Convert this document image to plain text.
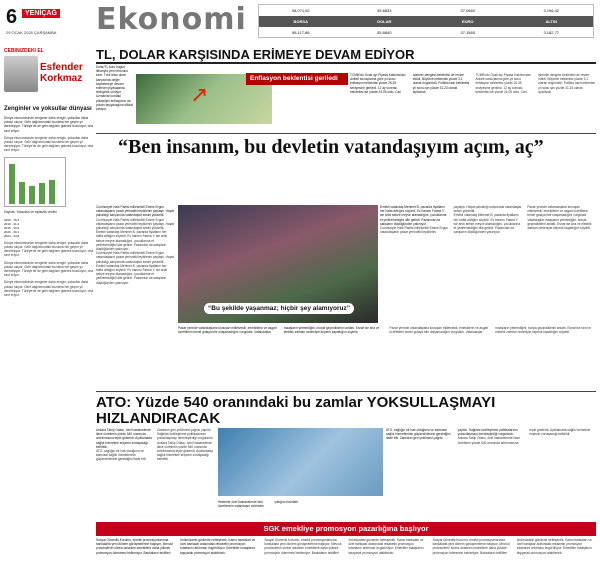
6	YENİÇAĞ
29 OCAK 2025 ÇARŞAMBA Ekonomi	98.071,52	35,6833	37,0660	3.196,42
BORSA	DOLAR	EURO	ALTIN
98.117,86	35,6840	37,1565	3.182,77
CEBİNİZDEKİ EL
Esfender Korkmaz
Zenginler ve yoksullar dünyası
Dünya ekonomisinde zenginler daha zengin, yoksullar daha yoksul oluyor. Gelir dağılımındaki bozulma her geçen yıl derinleşiyor. Türkiye'de de gelir dağılımı giderek bozuluyor, orta sınıf eriyor.
Dünya ekonomisinde zenginler daha zengin, yoksullar daha yoksul oluyor. Gelir dağılımındaki bozulma her geçen yıl derinleşiyor. Türkiye'de de gelir dağılımı giderek bozuluyor, orta sınıf eriyor.
Kaynak: Yoksulluk ve eşitsizlik verileri
2000 - 79,3
2010 - 41,2
2015 - 33,9
2020 - 39,1
2024 - 44,8
Dünya ekonomisinde zenginler daha zengin, yoksullar daha yoksul oluyor. Gelir dağılımındaki bozulma her geçen yıl derinleşiyor. Türkiye'de de gelir dağılımı giderek bozuluyor, orta sınıf eriyor.
Dünya ekonomisinde zenginler daha zengin, yoksullar daha yoksul oluyor. Gelir dağılımındaki bozulma her geçen yıl derinleşiyor. Türkiye'de de gelir dağılımı giderek bozuluyor, orta sınıf eriyor.
Dünya ekonomisinde zenginler daha zengin, yoksullar daha yoksul oluyor. Gelir dağılımındaki bozulma her geçen yıl derinleşiyor. Türkiye'de de gelir dağılımı giderek bozuluyor, orta sınıf eriyor.
TL, DOLAR KARŞISINDA ERİMEYE DEVAM EDİYOR
Dolar/TL kuru bugün itibarıyla yeni rekorunu kırdı. Türk lirası dolar karşısında değer kaybetmeye devam ederken piyasalarda tedirginlik sürüyor. Uzmanlar kurdaki yükselişin enflasyonu da yukarı taşıyacağına dikkat çekiyor.
↗
Enflasyon beklentisi geriledi	TCMB'nin Ocak ayı Piyasa Katılımcıları Anketi sonuçlarına göre yıl sonu enflasyon beklentisi yüzde 26,35 seviyesine geriledi. 12 ay sonrası beklentisi ise yüzde 24,05 oldu. Cari işlemler dengesi beklentisi de revize edildi. Büyüme beklentisi yüzde 3,1 olarak öngörüldü. Politika faizi beklentisi yıl sonu için yüzde 31,23 olarak açıklandı.

TCMB'nin Ocak ayı Piyasa Katılımcıları Anketi sonuçlarına göre yıl sonu enflasyon beklentisi yüzde 26,35 seviyesine geriledi. 12 ay sonrası beklentisi ise yüzde 24,05 oldu. Cari işlemler dengesi beklentisi de revize edildi. Büyüme beklentisi yüzde 3,1 olarak öngörüldü. Politika faizi beklentisi yıl sonu için yüzde 31,23 olarak açıklandı.

“Ben insanım, bu devletin vatandaşıyım açım, aç”

Cumhuriyet Halk Partisi milletvekili Emine Ergun vatandaşların pazar yerindeki tepkilerini paylaştı. Hayat pahalılığı karşısında vatandaşlar sesini yükseltti.

Cumhuriyet Halk Partisi milletvekili Emine Ergun vatandaşların pazar yerindeki tepkilerini paylaştı. Hayat pahalılığı karşısında vatandaşlar sesini yükseltti.

Emekli vatandaş Mehmet B. pazarda fiyatların her hafta arttığını söyledi. Ev hanımı Fatma Y. ise artık sebze meyve alamadığını, çocuklarına et yediremediğini dile getirdi. Pazarcılar da satışların düştüğünden yakınıyor.

Cumhuriyet Halk Partisi milletvekili Emine Ergun vatandaşların pazar yerindeki tepkilerini paylaştı. Hayat pahalılığı karşısında vatandaşlar sesini yükseltti.

Emekli vatandaş Mehmet B. pazarda fiyatların her hafta arttığını söyledi. Ev hanımı Fatma Y. ise artık sebze meyve alamadığını, çocuklarına et yediremediğini dile getirdi. Pazarcılar da satışların düştüğünden yakınıyor.

“Bu şekilde yaşanmaz; hiçbir şey alamıyoruz”

Emekli vatandaş Mehmet B. pazarda fiyatların her hafta arttığını söyledi. Ev hanımı Fatma Y. ise artık sebze meyve alamadığını, çocuklarına et yediremediğini dile getirdi. Pazarcılar da satışların düştüğünden yakınıyor.

Cumhuriyet Halk Partisi milletvekili Emine Ergun vatandaşların pazar yerindeki tepkilerini paylaştı. Hayat pahalılığı karşısında vatandaşlar sesini yükseltti.

Emekli vatandaş Mehmet B. pazarda fiyatların her hafta arttığını söyledi. Ev hanımı Fatma Y. ise artık sebze meyve alamadığını, çocuklarına et yediremediğini dile getirdi. Pazarcılar da satışların düştüğünden yakınıyor.

Pazar yerinde vatandaşlarla konuşan milletvekili, emeklilerin ve asgari ücretlilerin temel gıdaya bile ulaşamadığını vurguladı. Vatandaşlar maaşların yetmediğini, borçla geçindiklerini anlattı. Esnaf ise kira ve elektrik zamları nedeniyle kepenk kapattığını söyledi.

Pazar yerinde vatandaşlarla konuşan milletvekili, emeklilerin ve asgari ücretlilerin temel gıdaya bile ulaşamadığını vurguladı. Vatandaşlar maaşların yetmediğini, borçla geçindiklerini anlattı. Esnaf ise kira ve elektrik zamları nedeniyle kepenk kapattığını söyledi.

Pazar yerinde vatandaşlarla konuşan milletvekili, emeklilerin ve asgari ücretlilerin temel gıdaya bile ulaşamadığını vurguladı. Vatandaşlar maaşların yetmediğini, borçla geçindiklerini anlattı. Esnaf ise kira ve elektrik zamları nedeniyle kepenk kapattığını söyledi.

ATO: Yüzde 540 oranındaki bu zamlar YOKSULLAŞMAYI HIZLANDIRACAK

Ankara Tabip Odası, özel hastanelerde ilave ücretlerin yüzde 540 oranında artırılmasına tepki gösterdi. Açıklamada sağlık hizmetine erişimin zorlaşacağı belirtildi.

ATO, sağlığın bir hak olduğunu ve kamusal sağlık hizmetlerinin güçlendirilmesi gerektiğini ifade etti. Zamların geri çekilmesi çağrısı yapıldı. Sağlıkta özelleştirme politikalarının yoksullaşmayı derinleştirdiği vurgulandı.

Ankara Tabip Odası, özel hastanelerde ilave ücretlerin yüzde 540 oranında artırılmasına tepki gösterdi. Açıklamada sağlık hizmetine erişimin zorlaşacağı belirtildi.

Hekimler özel hastanelerde fark ücretlerinin vatandaşın cebinden çıktığını hatırlattı.

ATO, sağlığın bir hak olduğunu ve kamusal sağlık hizmetlerinin güçlendirilmesi gerektiğini ifade etti. Zamların geri çekilmesi çağrısı yapıldı. Sağlıkta özelleştirme politikalarının yoksullaşmayı derinleştirdiği vurgulandı.

Ankara Tabip Odası, özel hastanelerde ilave ücretlerin yüzde 540 oranında artırılmasına tepki gösterdi. Açıklamada sağlık hizmetine erişimin zorlaşacağı belirtildi.

SGK emekliye promosyon pazarlığına başlıyor

Sosyal Güvenlik Kurumu, emekli promosyonlarında bankalarla yeni dönem görüşmelerine başlıyor. Mevcut protokollerin süresi dolarken emeklilere daha yüksek promosyon ödenmesi bekleniyor. Bankaların teklifleri önümüzdeki günlerde netleşecek. Kamu bankaları ve özel bankalar arasındaki rekabetin promosyon tutarlarını artırması öngörülüyor. Emekliler maaşlarını taşıyarak promosyon alabilecek.

Sosyal Güvenlik Kurumu, emekli promosyonlarında bankalarla yeni dönem görüşmelerine başlıyor. Mevcut protokollerin süresi dolarken emeklilere daha yüksek promosyon ödenmesi bekleniyor. Bankaların teklifleri önümüzdeki günlerde netleşecek. Kamu bankaları ve özel bankalar arasındaki rekabetin promosyon tutarlarını artırması öngörülüyor. Emekliler maaşlarını taşıyarak promosyon alabilecek.

Sosyal Güvenlik Kurumu, emekli promosyonlarında bankalarla yeni dönem görüşmelerine başlıyor. Mevcut protokollerin süresi dolarken emeklilere daha yüksek promosyon ödenmesi bekleniyor. Bankaların teklifleri önümüzdeki günlerde netleşecek. Kamu bankaları ve özel bankalar arasındaki rekabetin promosyon tutarlarını artırması öngörülüyor. Emekliler maaşlarını taşıyarak promosyon alabilecek.
